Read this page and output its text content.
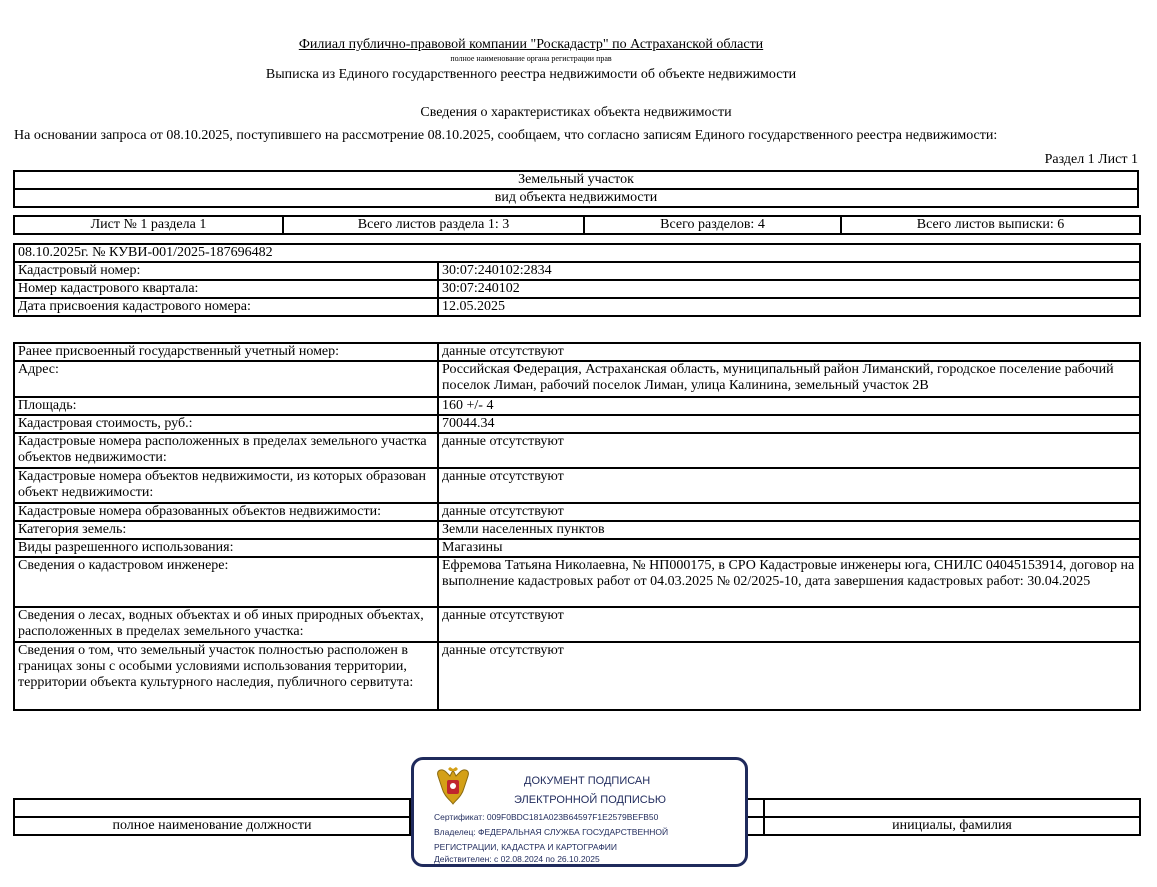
Филиал публично-правовой компании "Роскадастр" по Астраханской области
полное наименование органа регистрации прав
Выписка из Единого государственного реестра недвижимости об объекте недвижимости
Сведения о характеристиках объекта недвижимости
На основании запроса от 08.10.2025, поступившего на рассмотрение 08.10.2025, сообщаем, что согласно записям Единого государственного реестра недвижимости:
Раздел 1 Лист 1
Земельный участок
вид объекта недвижимости
Лист № 1 раздела 1	Всего листов раздела 1: 3	Всего разделов: 4	Всего листов выписки: 6
08.10.2025г. № КУВИ-001/2025-187696482	
Кадастровый номер:	30:07:240102:2834
Номер кадастрового квартала:	30:07:240102
Дата присвоения кадастрового номера:	12.05.2025
Ранее присвоенный государственный учетный номер:	данные отсутствуют
Адрес:	Российская Федерация, Астраханская область, муниципальный район Лиманский, городское поселение рабочий поселок Лиман, рабочий поселок Лиман, улица Калинина, земельный участок 2В
Площадь:	160 +/- 4
Кадастровая стоимость, руб.:	70044.34
Кадастровые номера расположенных в пределах земельного участка объектов недвижимости:	данные отсутствуют
Кадастровые номера объектов недвижимости, из которых образован объект недвижимости:	данные отсутствуют
Кадастровые номера образованных объектов недвижимости:	данные отсутствуют
Категория земель:	Земли населенных пунктов
Виды разрешенного использования:	Магазины
Сведения о кадастровом инженере:	Ефремова Татьяна Николаевна, № НП000175, в СРО Кадастровые инженеры юга, СНИЛС 04045153914, договор на выполнение кадастровых работ от 04.03.2025 № 02/2025-10, дата завершения кадастровых работ: 30.04.2025
Сведения о лесах, водных объектах и об иных природных объектах, расположенных в пределах земельного участка:	данные отсутствуют
Сведения о том, что земельный участок полностью расположен в границах зоны с особыми условиями использования территории, территории объекта культурного наследия, публичного сервитута:	данные отсутствуют

полное наименование должности		инициалы, фамилия
ДОКУМЕНТ ПОДПИСАН
ЭЛЕКТРОННОЙ ПОДПИСЬЮ
Сертификат: 009F0BDC181A023B64597F1E2579BEFB50
Владелец: ФЕДЕРАЛЬНАЯ СЛУЖБА ГОСУДАРСТВЕННОЙ
РЕГИСТРАЦИИ, КАДАСТРА И КАРТОГРАФИИ
Действителен: с 02.08.2024 по 26.10.2025
